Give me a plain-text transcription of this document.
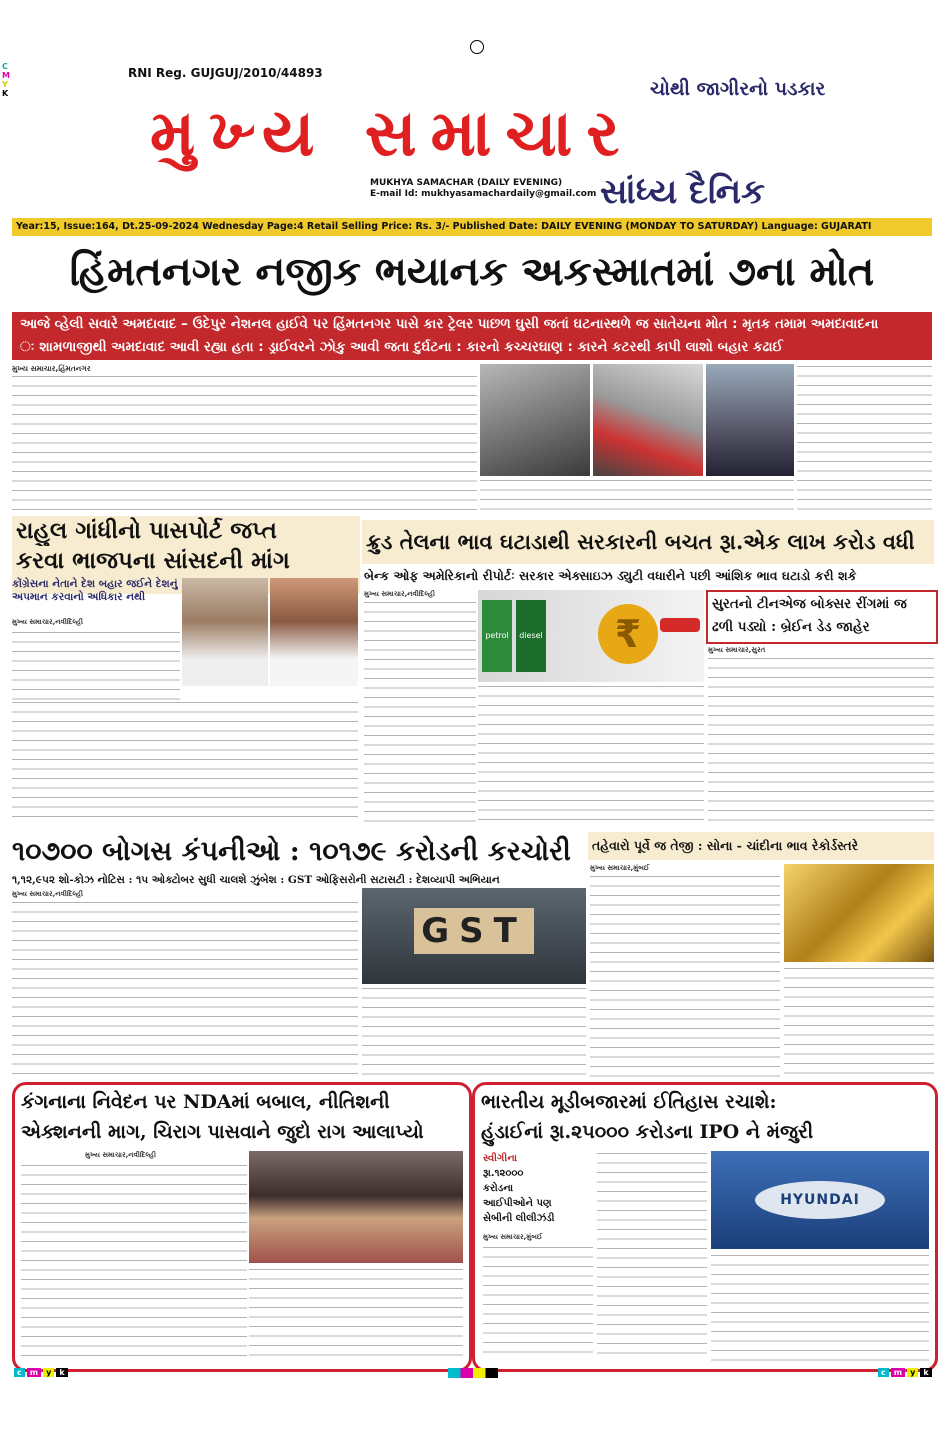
C
M
Y
K
RNI Reg. GUJGUJ/2010/44893
ચોથી જાગીરનો પડકાર
મુખ્ય સમાચાર
MUKHYA SAMACHAR (DAILY EVENING)
E-mail Id: mukhyasamachardaily@gmail.com સાંધ્ય દૈનિક
Year:15, Issue:164, Dt.25-09-2024 Wednesday Page:4 Retail Selling Price: Rs. 3/- Published Date: DAILY EVENING (MONDAY TO SATURDAY) Language: GUJARATI
હિંમતનગર નજીક ભયાનક અકસ્માતમાં ૭ના મોત
આજે વ્હેલી સવારે અમદાવાદ – ઉદેપુર નેશનલ હાઈવે પર હિંમતનગર પાસે કાર ટ્રેલર પાછળ ઘુસી જતાં ઘટનાસ્થળે જ સાતેયના મોત : મૃતક તમામ અમદાવાદના
ઃ શામળાજીથી અમદાવાદ આવી રહ્યા હતા : ડ્રાઈવરને ઝોકુ આવી જતા દુર્ઘટના : કારનો કચ્ચરઘાણ : કારને કટરથી કાપી લાશો બહાર કઢાઈ
મુખ્ય સમાચાર,હિંમતનગર
રાહુલ ગાંધીનો પાસપોર્ટ જપ્ત
કરવા ભાજપના સાંસદની માંગ
કોંગ્રેસના નેતાને દેશ બહાર જઈને દેશનું અપમાન કરવાનો અધિકાર નથી
મુખ્ય સમાચાર,નવીદિલ્હી
ક્રુડ તેલના ભાવ ઘટાડાથી સરકારની બચત રૂા.એક લાખ કરોડ વધી
બેન્ક ઓફ અમેરિકાનો રીપોર્ટઃ સરકાર એક્સાઇઝ ડ્યુટી વધારીને પછી આંશિક ભાવ ઘટાડો કરી શકે
મુખ્ય સમાચાર,નવીદિલ્હી
petrol	diesel	₹
સુરતનો ટીનએજ બોક્સર રીંગમાં જ ઢળી પડ્યો : બ્રેઈન ડેડ જાહેર
મુખ્ય સમાચાર,સુરત
૧૦૭૦૦ બોગસ કંપનીઓ : ૧૦૧૭૯ કરોડની કરચોરી
૧,૧૨,૯૫૨ શો-કોઝ નોટિસ : ૧૫ ઓક્ટોબર સુધી ચાલશે ઝુંબેશ : GST ઓફિસરોની સટાસટી : દેશવ્યાપી અભિયાન
મુખ્ય સમાચાર,નવીદિલ્હી
GST
તહેવારો પૂર્વે જ તેજી : સોના - ચાંદીના ભાવ રેકોર્ડસ્તરે
મુખ્ય સમાચાર,મુંબઈ
કંગનાના નિવેદન પર NDAમાં બબાલ, નીતિશની
એક્શનની માગ, ચિરાગ પાસવાને જુદો રાગ આલાપ્યો
મુખ્ય સમાચાર,નવીદિલ્હી
ભારતીય મૂડીબજારમાં ઈતિહાસ રચાશે:
હુંડાઈનાં રૂા.૨૫૦૦૦ કરોડના IPO ને મંજુરી
સ્વીગીના
રૂા.૧૨૦૦૦
કરોડના
આઈપીઓને પણ
સેબીની લીલીઝંડી
મુખ્ય સમાચાર,મુંબઈ
HYUNDAI
c	m	y	k	c	m	y	k
